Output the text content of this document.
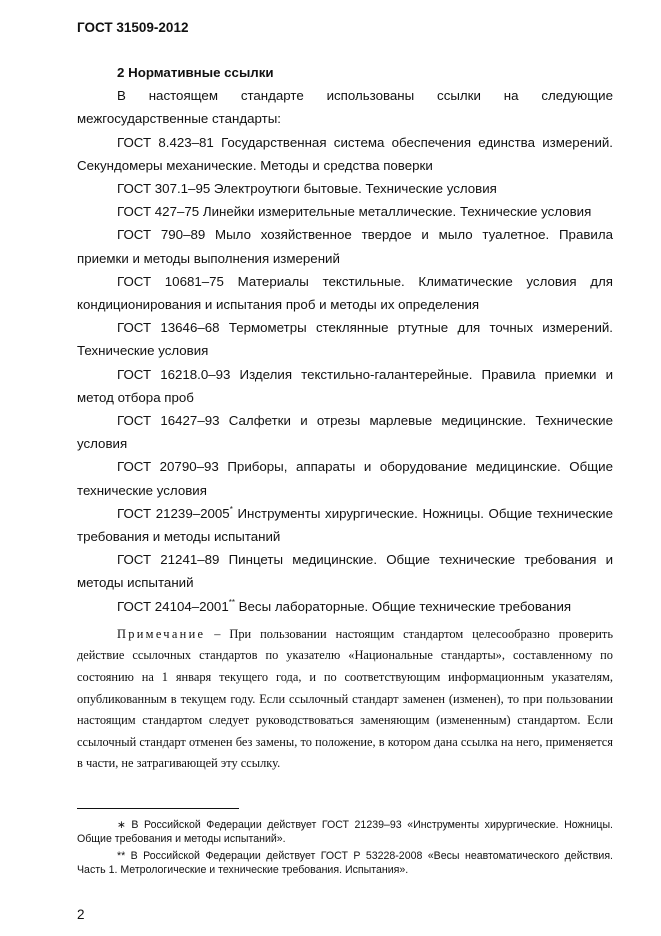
ГОСТ 31509-2012

2 Нормативные ссылки

В настоящем стандарте использованы ссылки на следующие межгосударственные стандарты:

ГОСТ 8.423–81 Государственная система обеспечения единства измерений. Секундомеры механические. Методы и средства поверки

ГОСТ 307.1–95 Электроутюги бытовые. Технические условия

ГОСТ 427–75 Линейки измерительные металлические. Технические условия

ГОСТ 790–89 Мыло хозяйственное твердое и мыло туалетное. Правила приемки и методы выполнения измерений

ГОСТ 10681–75 Материалы текстильные. Климатические условия для кондиционирования и испытания проб и методы их определения

ГОСТ 13646–68 Термометры стеклянные ртутные для точных измерений. Технические условия

ГОСТ 16218.0–93 Изделия текстильно-галантерейные. Правила приемки и метод отбора проб

ГОСТ 16427–93 Салфетки и отрезы марлевые медицинские. Технические условия

ГОСТ 20790–93 Приборы, аппараты и оборудование медицинские. Общие технические условия

ГОСТ 21239–2005* Инструменты хирургические. Ножницы. Общие технические требования и методы испытаний

ГОСТ 21241–89 Пинцеты медицинские. Общие технические требования и методы испытаний

ГОСТ 24104–2001** Весы лабораторные. Общие технические требования

Примечание – При пользовании настоящим стандартом целесообразно проверить действие ссылочных стандартов по указателю «Национальные стандарты», составленному по состоянию на 1 января текущего года, и по соответствующим информационным указателям, опубликованным в текущем году. Если ссылочный стандарт заменен (изменен), то при пользовании настоящим стандартом следует руководствоваться заменяющим (измененным) стандартом. Если ссылочный стандарт отменен без замены, то положение, в котором дана ссылка на него, применяется в части, не затрагивающей эту ссылку.

∗ В Российской Федерации действует ГОСТ 21239–93 «Инструменты хирургические. Ножницы. Общие требования и методы испытаний».

** В Российской Федерации действует ГОСТ Р 53228-2008 «Весы неавтоматического действия. Часть 1. Метрологические и технические требования. Испытания».

2
